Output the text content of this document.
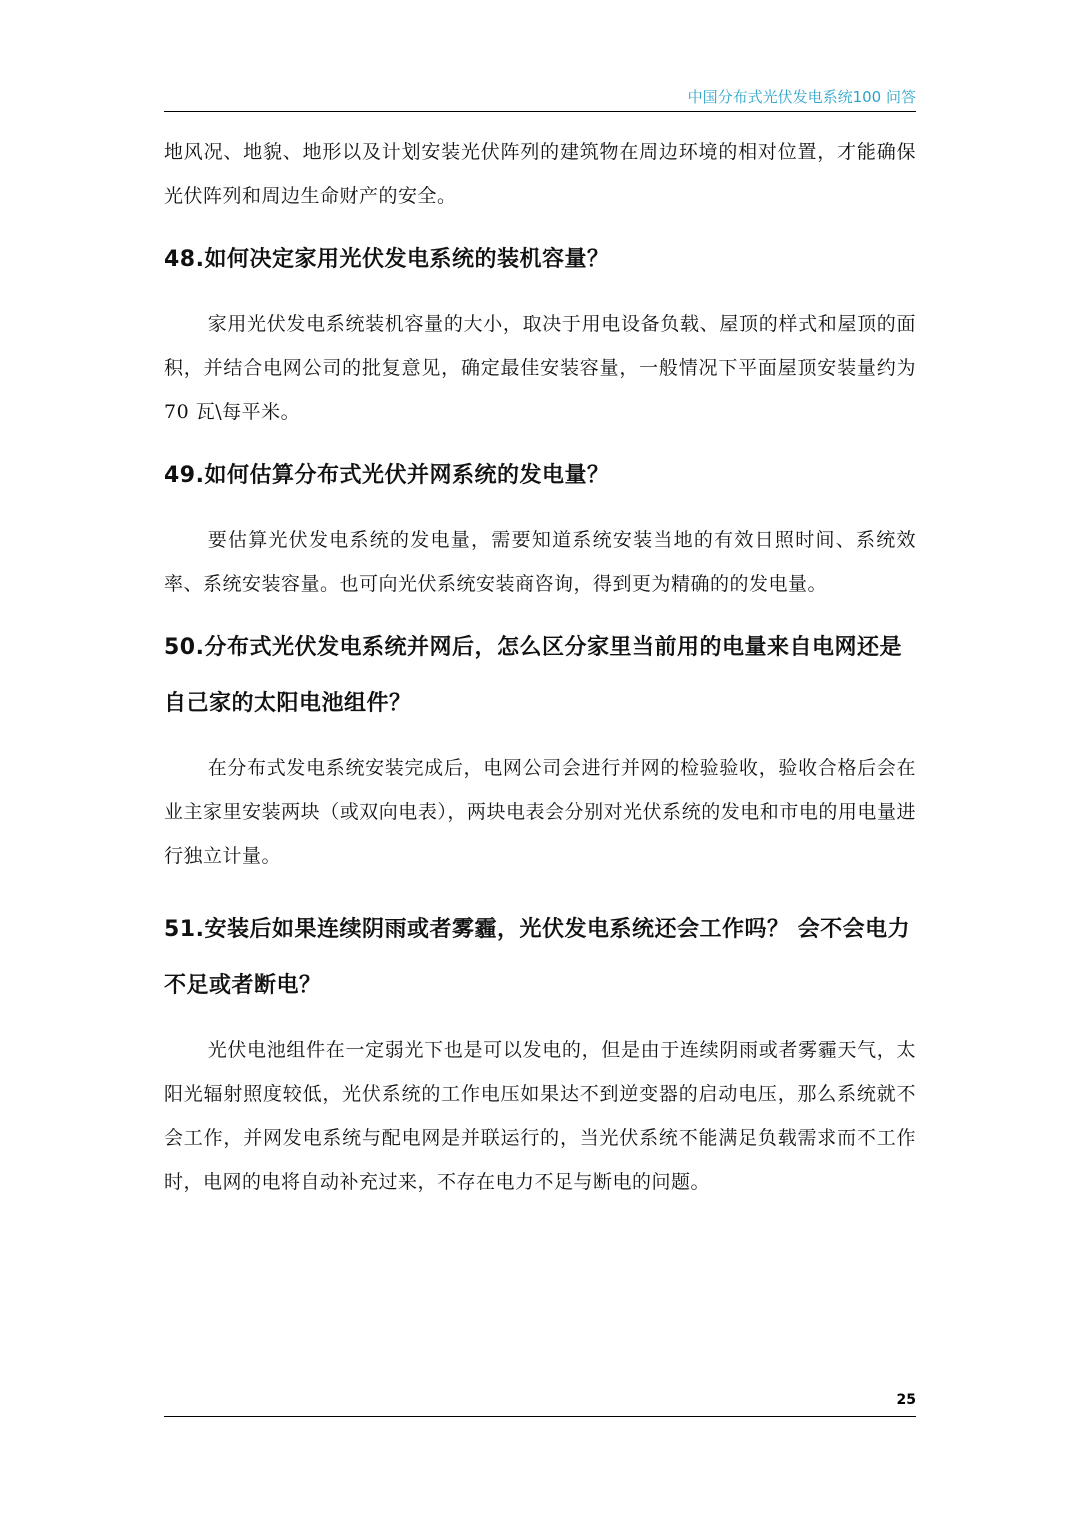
中国分布式光伏发电系统100 问答

地风况、地貌、地形以及计划安装光伏阵列的建筑物在周边环境的相对位置，才能确保光伏阵列和周边生命财产的安全。

48.如何决定家用光伏发电系统的装机容量？

家用光伏发电系统装机容量的大小，取决于用电设备负载、屋顶的样式和屋顶的面积，并结合电网公司的批复意见，确定最佳安装容量，一般情况下平面屋顶安装量约为 70 瓦\每平米。

49.如何估算分布式光伏并网系统的发电量？

要估算光伏发电系统的发电量，需要知道系统安装当地的有效日照时间、系统效率、系统安装容量。也可向光伏系统安装商咨询，得到更为精确的的发电量。

50.分布式光伏发电系统并网后，怎么区分家里当前用的电量来自电网还是自己家的太阳电池组件？

在分布式发电系统安装完成后，电网公司会进行并网的检验验收，验收合格后会在业主家里安装两块（或双向电表），两块电表会分别对光伏系统的发电和市电的用电量进行独立计量。

51.安装后如果连续阴雨或者雾霾，光伏发电系统还会工作吗？ 会不会电力不足或者断电？

光伏电池组件在一定弱光下也是可以发电的，但是由于连续阴雨或者雾霾天气，太阳光辐射照度较低，光伏系统的工作电压如果达不到逆变器的启动电压，那么系统就不会工作，并网发电系统与配电网是并联运行的，当光伏系统不能满足负载需求而不工作时，电网的电将自动补充过来，不存在电力不足与断电的问题。

25
